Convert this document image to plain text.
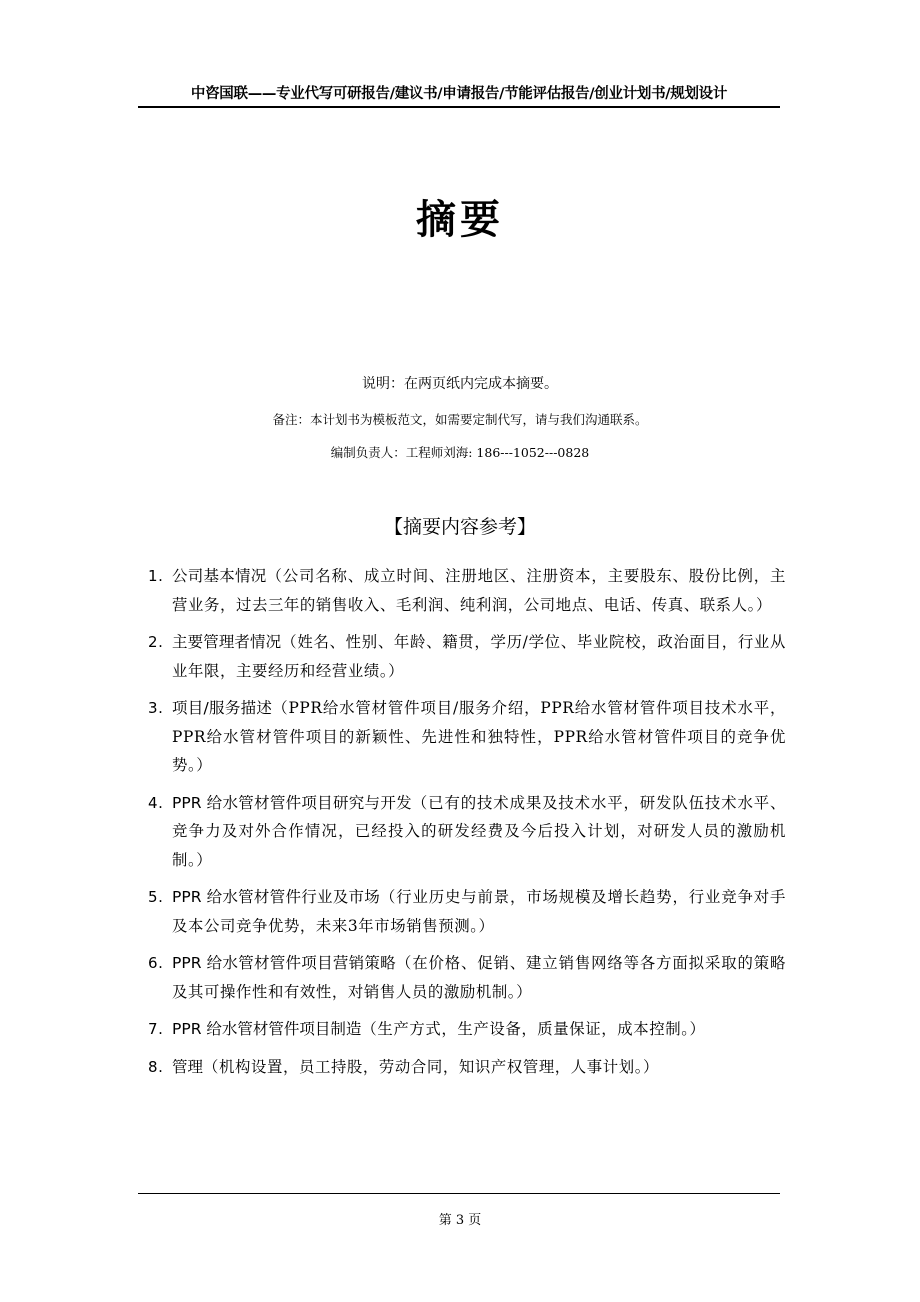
中咨国联——专业代写可研报告/建议书/申请报告/节能评估报告/创业计划书/规划设计
摘要
说明：在两页纸内完成本摘要。
备注：本计划书为模板范文，如需要定制代写，请与我们沟通联系。
编制负责人：工程师刘海: 186---1052---0828
【摘要内容参考】
1. 公司基本情况（公司名称、成立时间、注册地区、注册资本，主要股东、股份比例，主营业务，过去三年的销售收入、毛利润、纯利润，公司地点、电话、传真、联系人。）
2. 主要管理者情况（姓名、性别、年龄、籍贯，学历/学位、毕业院校，政治面目，行业从业年限，主要经历和经营业绩。）
3. 项目/服务描述（PPR给水管材管件项目/服务介绍，PPR给水管材管件项目技术水平，PPR给水管材管件项目的新颖性、先进性和独特性，PPR给水管材管件项目的竞争优势。）
4. PPR 给水管材管件项目研究与开发（已有的技术成果及技术水平，研发队伍技术水平、竞争力及对外合作情况，已经投入的研发经费及今后投入计划，对研发人员的激励机制。）
5. PPR 给水管材管件行业及市场（行业历史与前景，市场规模及增长趋势，行业竞争对手及本公司竞争优势，未来3年市场销售预测。）
6. PPR 给水管材管件项目营销策略（在价格、促销、建立销售网络等各方面拟采取的策略及其可操作性和有效性，对销售人员的激励机制。）
7. PPR 给水管材管件项目制造（生产方式，生产设备，质量保证，成本控制。）
8. 管理（机构设置，员工持股，劳动合同，知识产权管理，人事计划。）
第 3 页
